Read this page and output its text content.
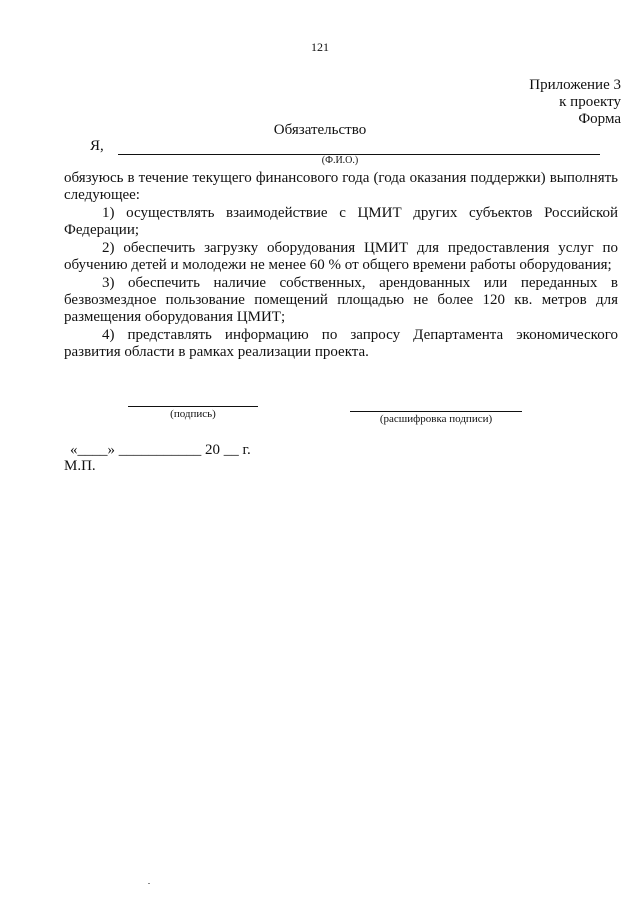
121
Приложение 3
к проекту
Форма
Обязательство
Я,
(Ф.И.О.)

обязуюсь в течение текущего финансового года (года оказания поддержки) выполнять следующее:

1) осуществлять взаимодействие с ЦМИТ других субъектов Российской Федерации;

2) обеспечить загрузку оборудования ЦМИТ для предоставления услуг по обучению детей и молодежи не менее 60 % от общего времени работы оборудования;

3) обеспечить наличие собственных, арендованных или переданных в безвозмездное пользование помещений площадью не более 120 кв. метров для размещения оборудования ЦМИТ;

4) представлять информацию по запросу Департамента экономического развития области в рамках реализации проекта.

(подпись)	(расшифровка подписи)
«____» ___________ 20 __ г.
М.П.
